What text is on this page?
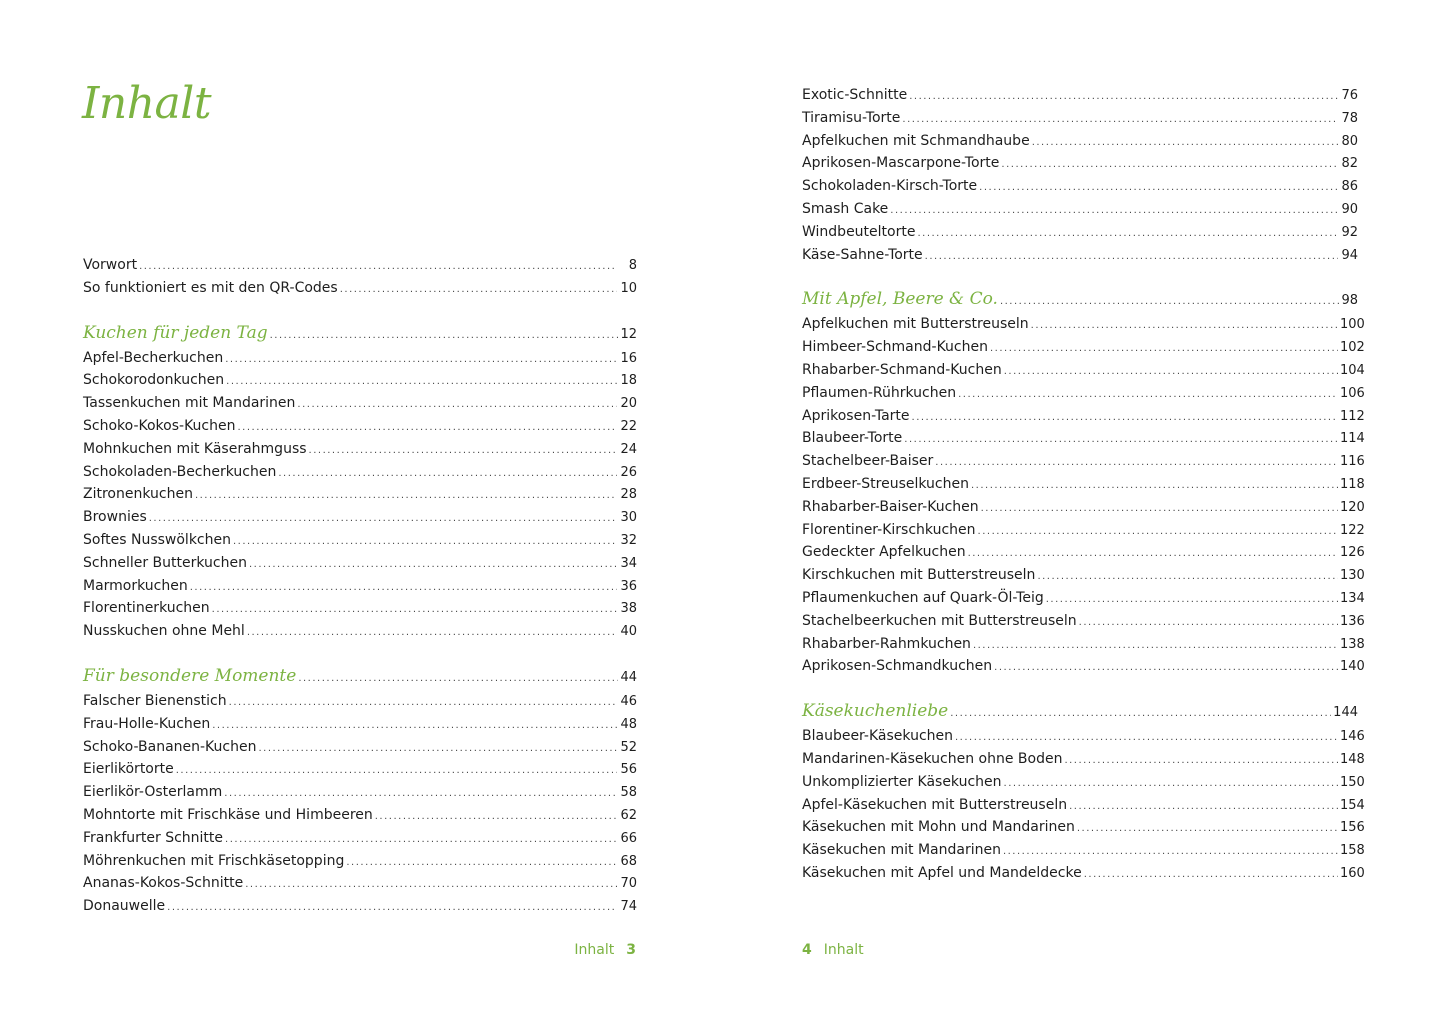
Inhalt
Vorwort .....	8
So funktioniert es mit den QR-Codes .....	10
Kuchen für jeden Tag .....	12
Apfel-Becherkuchen .....	16
Schokorodonkuchen .....	18
Tassenkuchen mit Mandarinen .....	20
Schoko-Kokos-Kuchen .....	22
Mohnkuchen mit Käserahmguss .....	24
Schokoladen-Becherkuchen .....	26
Zitronenkuchen .....	28
Brownies .....	30
Softes Nusswölkchen .....	32
Schneller Butterkuchen .....	34
Marmorkuchen .....	36
Florentinerkuchen .....	38
Nusskuchen ohne Mehl .....	40
Für besondere Momente .....	44
Falscher Bienenstich .....	46
Frau-Holle-Kuchen .....	48
Schoko-Bananen-Kuchen .....	52
Eierlikörtorte .....	56
Eierlikör-Osterlamm .....	58
Mohntorte mit Frischkäse und Himbeeren .....	62
Frankfurter Schnitte .....	66
Möhrenkuchen mit Frischkäsetopping .....	68
Ananas-Kokos-Schnitte .....	70
Donauwelle .....	74
Inhalt 3
Exotic-Schnitte .....	76
Tiramisu-Torte .....	78
Apfelkuchen mit Schmandhaube .....	80
Aprikosen-Mascarpone-Torte .....	82
Schokoladen-Kirsch-Torte .....	86
Smash Cake .....	90
Windbeuteltorte .....	92
Käse-Sahne-Torte .....	94
Mit Apfel, Beere & Co. .....	98
Apfelkuchen mit Butterstreuseln .....	100
Himbeer-Schmand-Kuchen .....	102
Rhabarber-Schmand-Kuchen .....	104
Pflaumen-Rührkuchen .....	106
Aprikosen-Tarte .....	112
Blaubeer-Torte .....	114
Stachelbeer-Baiser .....	116
Erdbeer-Streuselkuchen .....	118
Rhabarber-Baiser-Kuchen .....	120
Florentiner-Kirschkuchen .....	122
Gedeckter Apfelkuchen .....	126
Kirschkuchen mit Butterstreuseln .....	130
Pflaumenkuchen auf Quark-Öl-Teig .....	134
Stachelbeerkuchen mit Butterstreuseln .....	136
Rhabarber-Rahmkuchen .....	138
Aprikosen-Schmandkuchen .....	140
Käsekuchenliebe .....	144
Blaubeer-Käsekuchen .....	146
Mandarinen-Käsekuchen ohne Boden .....	148
Unkomplizierter Käsekuchen .....	150
Apfel-Käsekuchen mit Butterstreuseln .....	154
Käsekuchen mit Mohn und Mandarinen .....	156
Käsekuchen mit Mandarinen .....	158
Käsekuchen mit Apfel und Mandeldecke .....	160
4 Inhalt
